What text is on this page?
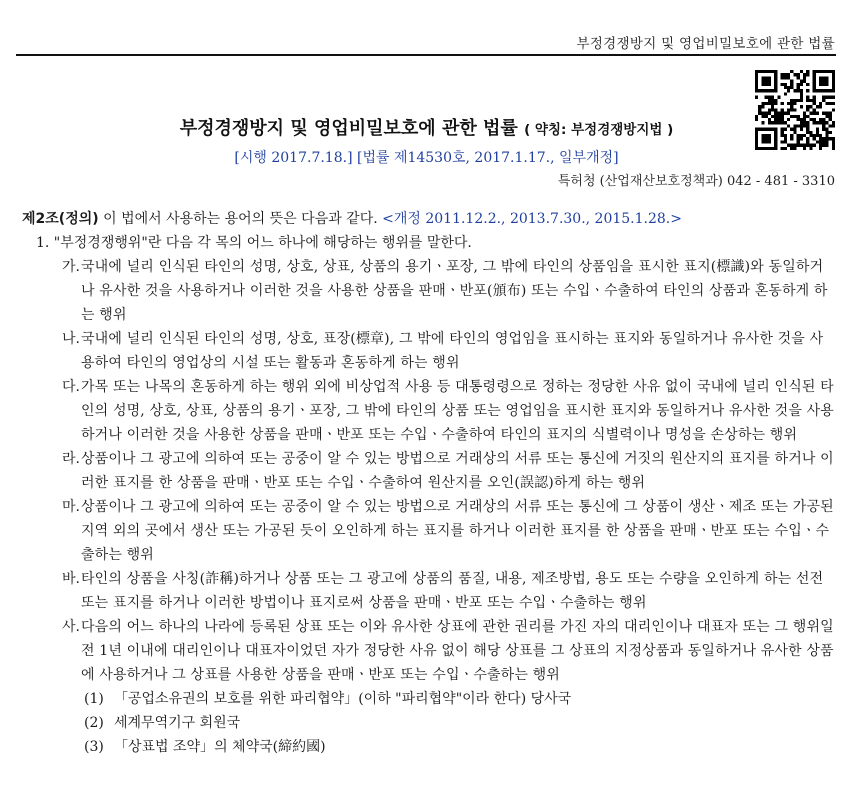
부정경쟁방지 및 영업비밀보호에 관한 법률
부정경쟁방지 및 영업비밀보호에 관한 법률 ( 약칭: 부정경쟁방지법 )
[시행 2017.7.18.] [법률 제14530호, 2017.1.17., 일부개정]
특허청 (산업재산보호정책과) 042 - 481 - 3310
제2조(정의) 이 법에서 사용하는 용어의 뜻은 다음과 같다. <개정 2011.12.2., 2013.7.30., 2015.1.28.>
1. "부정경쟁행위"란 다음 각 목의 어느 하나에 해당하는 행위를 말한다.
가. 국내에 널리 인식된 타인의 성명, 상호, 상표, 상품의 용기ㆍ포장, 그 밖에 타인의 상품임을 표시한 표지(標識)와 동일하거나 유사한 것을 사용하거나 이러한 것을 사용한 상품을 판매ㆍ반포(頒布) 또는 수입ㆍ수출하여 타인의 상품과 혼동하게 하는 행위
나. 국내에 널리 인식된 타인의 성명, 상호, 표장(標章), 그 밖에 타인의 영업임을 표시하는 표지와 동일하거나 유사한 것을 사용하여 타인의 영업상의 시설 또는 활동과 혼동하게 하는 행위
다. 가목 또는 나목의 혼동하게 하는 행위 외에 비상업적 사용 등 대통령령으로 정하는 정당한 사유 없이 국내에 널리 인식된 타인의 성명, 상호, 상표, 상품의 용기ㆍ포장, 그 밖에 타인의 상품 또는 영업임을 표시한 표지와 동일하거나 유사한 것을 사용하거나 이러한 것을 사용한 상품을 판매ㆍ반포 또는 수입ㆍ수출하여 타인의 표지의 식별력이나 명성을 손상하는 행위
라. 상품이나 그 광고에 의하여 또는 공중이 알 수 있는 방법으로 거래상의 서류 또는 통신에 거짓의 원산지의 표지를 하거나 이러한 표지를 한 상품을 판매ㆍ반포 또는 수입ㆍ수출하여 원산지를 오인(誤認)하게 하는 행위
마. 상품이나 그 광고에 의하여 또는 공중이 알 수 있는 방법으로 거래상의 서류 또는 통신에 그 상품이 생산ㆍ제조 또는 가공된 지역 외의 곳에서 생산 또는 가공된 듯이 오인하게 하는 표지를 하거나 이러한 표지를 한 상품을 판매ㆍ반포 또는 수입ㆍ수출하는 행위
바. 타인의 상품을 사칭(詐稱)하거나 상품 또는 그 광고에 상품의 품질, 내용, 제조방법, 용도 또는 수량을 오인하게 하는 선전 또는 표지를 하거나 이러한 방법이나 표지로써 상품을 판매ㆍ반포 또는 수입ㆍ수출하는 행위
사. 다음의 어느 하나의 나라에 등록된 상표 또는 이와 유사한 상표에 관한 권리를 가진 자의 대리인이나 대표자 또는 그 행위일 전 1년 이내에 대리인이나 대표자이었던 자가 정당한 사유 없이 해당 상표를 그 상표의 지정상품과 동일하거나 유사한 상품에 사용하거나 그 상표를 사용한 상품을 판매ㆍ반포 또는 수입ㆍ수출하는 행위
(1) 「공업소유권의 보호를 위한 파리협약」(이하 "파리협약"이라 한다) 당사국
(2) 세계무역기구 회원국
(3) 「상표법 조약」의 체약국(締約國)
